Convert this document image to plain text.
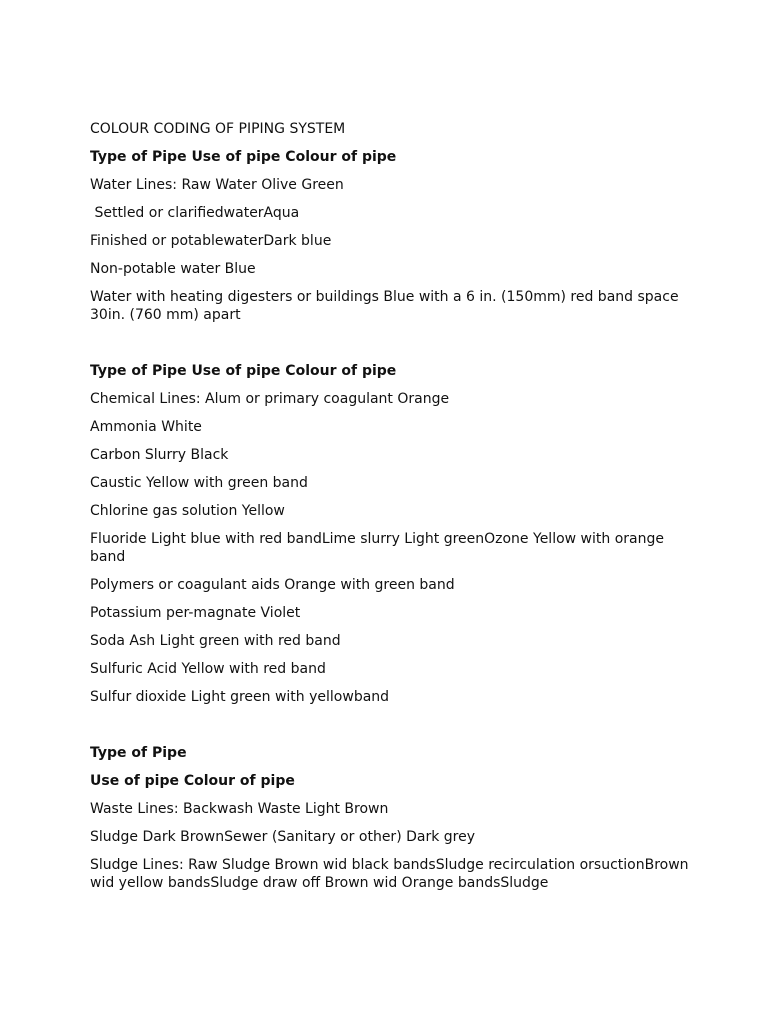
COLOUR CODING OF PIPING SYSTEM
Type of Pipe Use of pipe Colour of pipe
Water Lines: Raw Water Olive Green
Settled or clarifiedwaterAqua
Finished or potablewaterDark blue
Non-potable water Blue
Water with heating digesters or buildings Blue with a 6 in. (150mm) red band space 30in. (760 mm) apart
Type of Pipe Use of pipe Colour of pipe
Chemical Lines: Alum or primary coagulant Orange
Ammonia White
Carbon Slurry Black
Caustic Yellow with green band
Chlorine gas solution Yellow
Fluoride Light blue with red bandLime slurry Light greenOzone Yellow with orange band
Polymers or coagulant aids Orange with green band
Potassium per-magnate Violet
Soda Ash Light green with red band
Sulfuric Acid Yellow with red band
Sulfur dioxide Light green with yellowband
Type of Pipe
Use of pipe Colour of pipe
Waste Lines: Backwash Waste Light Brown
Sludge Dark BrownSewer (Sanitary or other) Dark grey
Sludge Lines: Raw Sludge Brown wid black bandsSludge recirculation orsuctionBrown wid yellow bandsSludge draw off Brown wid Orange bandsSludge
